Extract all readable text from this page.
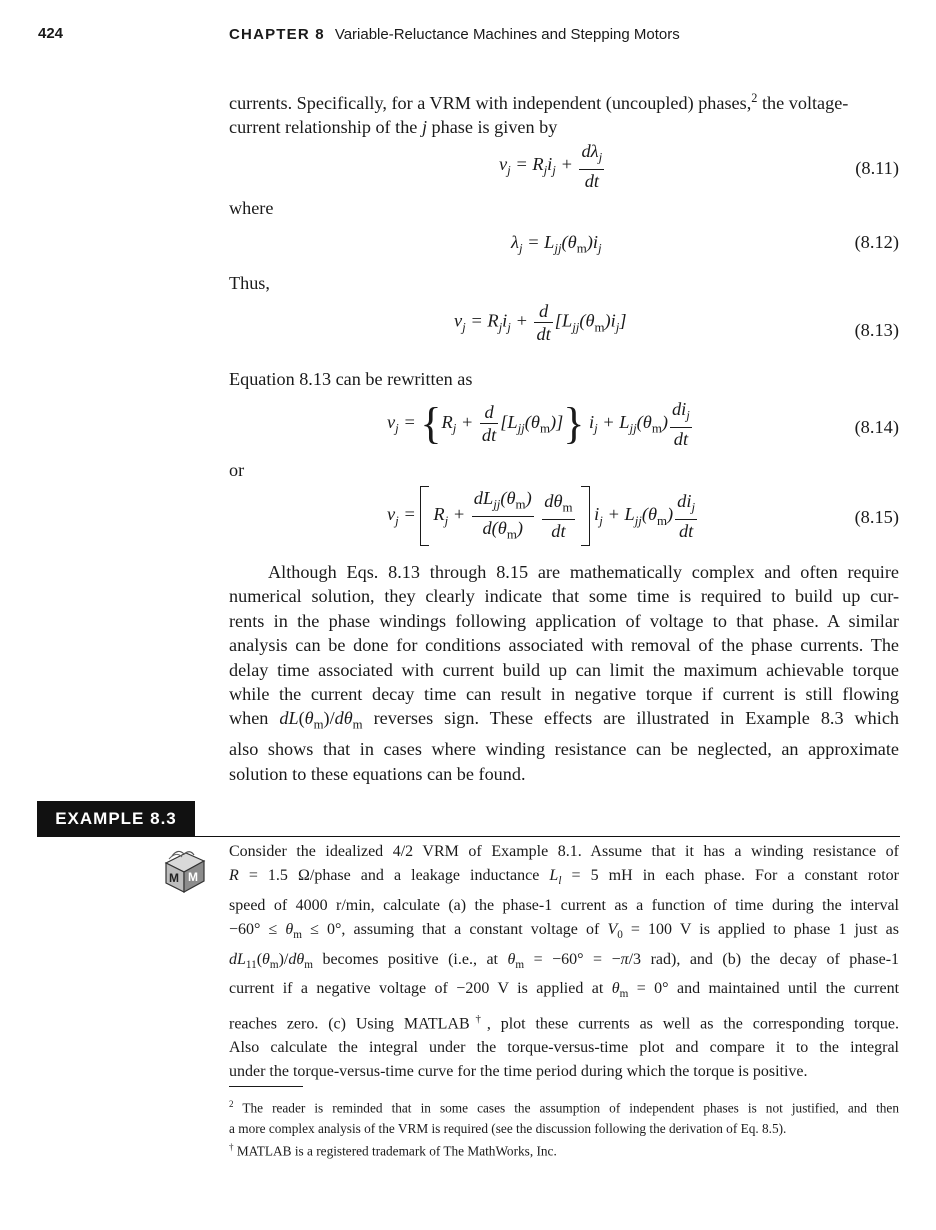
424	CHAPTER 8 Variable-Reluctance Machines and Stepping Motors
currents. Specifically, for a VRM with independent (uncoupled) phases,$^2$ the voltage-
current relationship of the j phase is given by
$v_j = R_ji_j + \frac{d\lambda_j}{dt}$	(8.11)
where
$\lambda_j = L_{jj}(\theta_m)i_j$	(8.12)
Thus,
$v_j = R_ji_j + \frac{d}{dt} [L_{jj}(\theta_m)i_j]$	(8.13)
Equation 8.13 can be rewritten as
$v_j = \{R_j + \frac{d}{dt} [L_{jj}(\theta_m)]\} i_j + L_{jj}(\theta_m) \frac{di_j}{dt}$	(8.14)
or
$v_j = R_j + \frac{dL_{jj}(\theta_m)}{d(\theta_m)}$
$\frac{d\theta_m}{dt} i_j + L_{jj}(\theta_m) \frac{di_j}{dt}$	(8.15)
Although Eqs. 8.13 through 8.15 are mathematically complex and often require
numerical solution, they clearly indicate that some time is required to build up cur-
rents in the phase windings following application of voltage to that phase. A similar
analysis can be done for conditions associated with removal of the phase currents. The
delay time associated with current build up can limit the maximum achievable torque
while the current decay time can result in negative torque if current is still flowing
when $dL(\theta_m)/d\theta_m$ reverses sign. These effects are illustrated in Example 8.3 which
also shows that in cases where winding resistance can be neglected, an approximate
solution to these equations can be found.
EXAMPLE 8.3
M M
Consider the idealized 4/2 VRM of Example 8.1. Assume that it has a winding resistance of
R = 1.5 Ω/phase and a leakage inductance $L_l = 5$ mH in each phase. For a constant rotor
speed of 4000 r/min, calculate (a) the phase-1 current as a function of time during the interval
$-60^\circ \le \theta_m \le 0^\circ$, assuming that a constant voltage of $V_0 = 100$ V is applied to phase 1 just as
$dL_{11}(\theta_m)/d\theta_m$ becomes positive (i.e., at $\theta_m = -60^\circ = -\pi/3$ rad), and (b) the decay of phase-1
current if a negative voltage of −200 V is applied at $\theta_m = 0^\circ$ and maintained until the current
reaches zero. (c) Using MATLAB†, plot these currents as well as the corresponding torque.
Also calculate the integral under the torque-versus-time plot and compare it to the integral
under the torque-versus-time curve for the time period during which the torque is positive.
$^2$ The reader is reminded that in some cases the assumption of independent phases is not justified, and then
a more complex analysis of the VRM is required (see the discussion following the derivation of Eq. 8.5).
† MATLAB is a registered trademark of The MathWorks, Inc.
